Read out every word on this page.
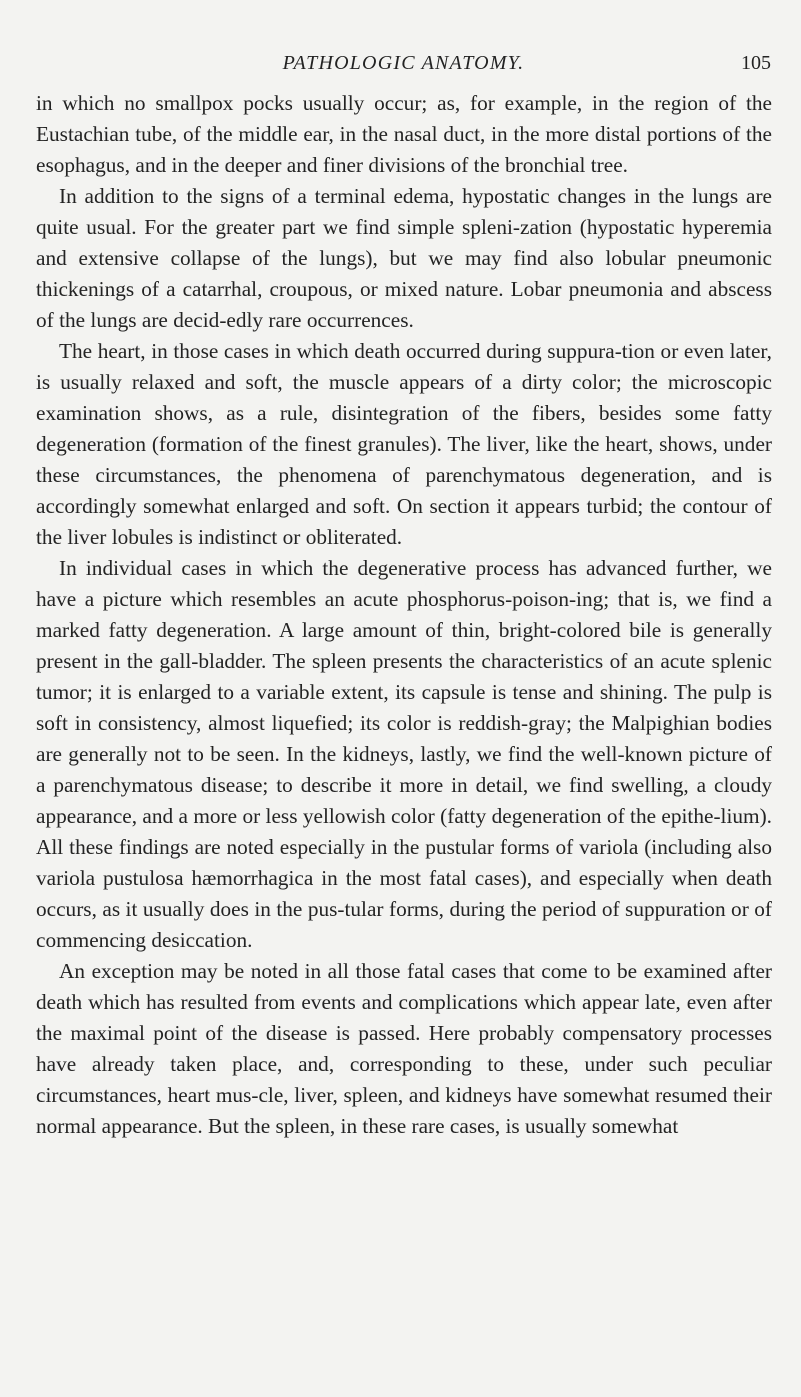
PATHOLOGIC ANATOMY.	105

in which no smallpox pocks usually occur; as, for example, in the region of the Eustachian tube, of the middle ear, in the nasal duct, in the more distal portions of the esophagus, and in the deeper and finer divisions of the bronchial tree.

In addition to the signs of a terminal edema, hypostatic changes in the lungs are quite usual. For the greater part we find simple spleni-zation (hypostatic hyperemia and extensive collapse of the lungs), but we may find also lobular pneumonic thickenings of a catarrhal, croupous, or mixed nature. Lobar pneumonia and abscess of the lungs are decid-edly rare occurrences.

The heart, in those cases in which death occurred during suppura-tion or even later, is usually relaxed and soft, the muscle appears of a dirty color; the microscopic examination shows, as a rule, disintegration of the fibers, besides some fatty degeneration (formation of the finest granules). The liver, like the heart, shows, under these circumstances, the phenomena of parenchymatous degeneration, and is accordingly somewhat enlarged and soft. On section it appears turbid; the contour of the liver lobules is indistinct or obliterated.

In individual cases in which the degenerative process has advanced further, we have a picture which resembles an acute phosphorus-poison-ing; that is, we find a marked fatty degeneration. A large amount of thin, bright-colored bile is generally present in the gall-bladder. The spleen presents the characteristics of an acute splenic tumor; it is enlarged to a variable extent, its capsule is tense and shining. The pulp is soft in consistency, almost liquefied; its color is reddish-gray; the Malpighian bodies are generally not to be seen. In the kidneys, lastly, we find the well-known picture of a parenchymatous disease; to describe it more in detail, we find swelling, a cloudy appearance, and a more or less yellowish color (fatty degeneration of the epithe-lium). All these findings are noted especially in the pustular forms of variola (including also variola pustulosa hæmorrhagica in the most fatal cases), and especially when death occurs, as it usually does in the pus-tular forms, during the period of suppuration or of commencing desiccation.

An exception may be noted in all those fatal cases that come to be examined after death which has resulted from events and complications which appear late, even after the maximal point of the disease is passed. Here probably compensatory processes have already taken place, and, corresponding to these, under such peculiar circumstances, heart mus-cle, liver, spleen, and kidneys have somewhat resumed their normal appearance. But the spleen, in these rare cases, is usually somewhat
